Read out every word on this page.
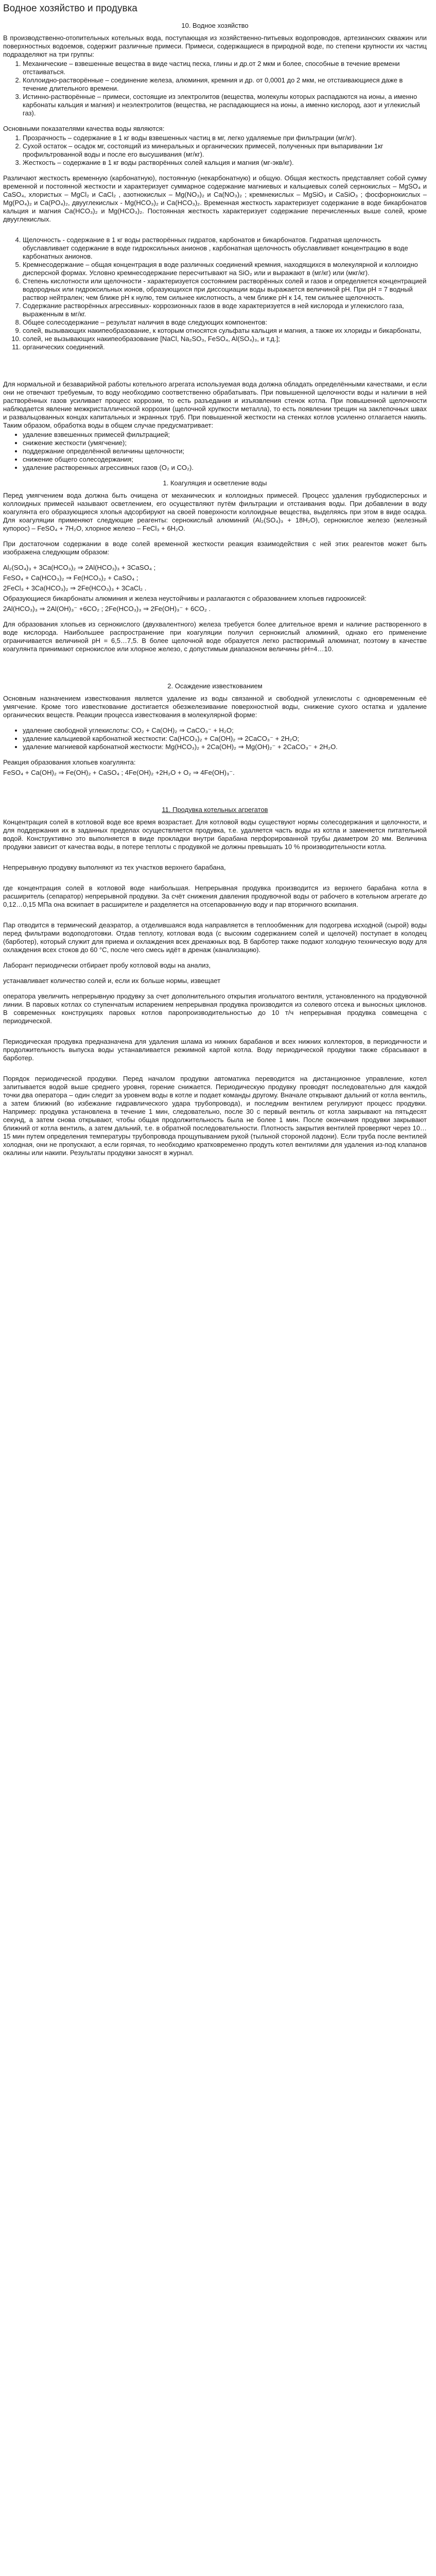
Водное хозяйство и продувка
10. Водное хозяйство

В производственно-отопительных котельных вода, поступающая из хозяйственно-питьевых водопроводов, артезианских скважин или поверхностных водоемов, содержит различные примеси. Примеси, содержащиеся в природной воде, по степени крупности их частиц подразделяют на три группы:

1. Механические – взвешенные вещества в виде частиц песка, глины и др.от 2 мкм и более, способные в течение времени отстаиваться.
2. Коллоидно-растворённые – соединение железа, алюминия, кремния и др. от 0,0001 до 2 мкм, не отстаивающиеся даже в течение длительного времени.
3. Истинно-растворённые – примеси, состоящие из электролитов (вещества, молекулы которых распадаются на ионы, а именно карбонаты кальция и магния) и неэлектролитов (вещества, не распадающиеся на ионы, а именно кислород, азот и углекислый газ).

Основными показателями качества воды являются:

1. Прозрачность – содержание в 1 кг воды взвешенных частиц в мг, легко удаляемые при фильтрации (мг/кг).
2. Сухой остаток – осадок мг, состоящий из минеральных и органических примесей, полученных при выпаривании 1кг профильтрованной воды и после его высушивания (мг/кг).
3. Жесткость – содержание в 1 кг воды растворённых солей кальция и магния (мг-экв/кг).

Различают жесткость временную (карбонатную), постоянную (некарбонатную) и общую. Общая жесткость представляет собой сумму временной и постоянной жесткости и характеризует суммарное содержание магниевых и кальциевых солей сернокислых – MgSO₄ и CaSO₄, хлористых – MgCl₂ и CaCl₂ , азотнокислых – Mg(NO₃)₂ и Ca(NO₃)₂ ; кремнекислых – MgSiO₃ и CaSiO₃ ; фосфорнокислых – Mg(PO₄)₂ и Ca(PO₄)₂, двууглекислых - Mg(HCO₃)₂ и Ca(HCO₃)₂. Временная жесткость характеризует содержание в воде бикарбонатов кальция и магния Ca(HCO₃)₂ и Mg(HCO₃)₂. Постоянная жесткость характеризует содержание перечисленных выше солей, кроме двууглекислых.

4. Щелочность - содержание в 1 кг воды растворённых гидратов, карбонатов и бикарбонатов. Гидратная щелочность обуславливает содержание в воде гидроксильных анионов , карбонатная щелочность обуславливает концентрацию в воде карбонатных анионов.
5. Кремнесодержание – общая концентрация в воде различных соединений кремния, находящихся в молекулярной и коллоидно дисперсной формах. Условно кремнесодержание пересчитывают на SiO₂ или и выражают в (мг/кг) или (мкг/кг).
6. Степень кислотности или щелочности - характеризуется состоянием растворённых солей и газов и определяется концентрацией водородных или гидроксильных ионов, образующихся при диссоциации воды выражается величиной pH. При pH = 7 водный раствор нейтрален; чем ближе pH к нулю, тем сильнее кислотность, а чем ближе pH к 14, тем сильнее щелочность.
7. Содержание растворённых агрессивных- коррозионных газов в воде характеризуется в ней кислорода и углекислого газа, выраженным в мг/кг.
8. Общее солесодержание – результат наличия в воде следующих компонентов:
9. солей, вызывающих накипеобразование, к которым относятся сульфаты кальция и магния, а также их хлориды и бикарбонаты,
10. солей, не вызывающих накипеобразование [NaCl, Na₂SO₃, FeSO₄, Al(SO₄)₃, и т.д.];
11. органических соединений.

Для нормальной и безаварийной работы котельного агрегата используемая вода должна обладать определёнными качествами, и если они не отвечают требуемым, то воду необходимо соответственно обрабатывать. При повышенной щелочности воды и наличии в ней растворённых газов усиливает процесс коррозии, то есть разъедания и изъязвления стенок котла. При повышенной щелочности наблюдается явление межкристаллической коррозии (щелочной хрупкости металла), то есть появлении трещин на заклепочных швах и развальцованных концах капитальных и экранных труб. При повышенной жесткости на стенках котлов усиленно отлагается накипь. Таким образом, обработка воды в общем случае предусматривает:

• удаление взвешенных примесей фильтрацией;
• снижение жесткости (умягчение);
• поддержание определённой величины щелочности;
• снижение общего солесодержания;
• удаление растворенных агрессивных газов (O₂ и CO₂).
1. Коагуляция и осветление воды

Перед умягчением вода должна быть очищена от механических и коллоидных примесей. Процесс удаления грубодисперсных и коллоидных примесей называют осветлением, его осуществляют путём фильтрации и отстаивания воды. При добавлении в воду коагулянта его образующиеся хлопья адсорбируют на своей поверхности коллоидные вещества, выделяясь при этом в виде осадка. Для коагуляции применяют следующие реагенты: сернокислый алюминий (Al₂(SO₄)₃ + 18H₂O), сернокислое железо (железный купорос) – FeSO₄ + 7H₂O, хлорное железо – FeCl₃ + 6H₂O.

При достаточном содержании в воде солей временной жесткости реакция взаимодействия с ней этих реагентов может быть изображена следующим образом:

Al₂(SO₄)₃ + 3Ca(HCO₃)₂ ⇒ 2Al(HCO₃)₃ + 3CaSO₄ ;

FeSO₄ + Ca(HCO₃)₂ ⇒ Fe(HCO₃)₂ + CaSO₄ ;

2FeCl₃ + 3Ca(HCO₃)₂ ⇒ 2Fe(HCO₃)₃ + 3CaCl₂ .

Образующиеся бикарбонаты алюминия и железа неустойчивы и разлагаются с образованием хлопьев гидроокисей:

2Al(HCO₃)₃ ⇒ 2Al(OH)₃⁻ +6CO₂ ; 2Fe(HCO₃)₃ ⇒ 2Fe(OH)₃⁻ + 6CO₂ .

Для образования хлопьев из сернокислого (двухвалентного) железа требуется более длительное время и наличие растворенного в воде кислорода. Наибольшее распространение при коагуляции получил сернокислый алюминий, однако его применение ограничивается величиной pH = 6,5…7,5. В более щелочной воде образуется легко растворимый алюминат, поэтому в качестве коагулянта принимают сернокислое или хлорное железо, с допустимым диапазоном величины pH=4…10.

2. Осаждение известкованием

Основным назначением известкования является удаление из воды связанной и свободной углекислоты с одновременным её умягчение. Кроме того известкование достигается обезжелезивание поверхностной воды, снижение сухого остатка и удаление органических веществ. Реакции процесса известкования в молекулярной форме:

• удаление свободной углекислоты: CO₂ + Ca(OH)₂ ⇒ CaCO₃⁻ + H₂O;
• удаление кальциевой карбонатной жесткости: Ca(HCO₃)₂ + Ca(OH)₂ ⇒ 2CaCO₃⁻ + 2H₂O;
• удаление магниевой карбонатной жесткости: Mg(HCO₃)₂ + 2Ca(OH)₂ ⇒ Mg(OH)₂⁻ + 2CaCO₃⁻ + 2H₂O.

Реакция образования хлопьев коагулянта:

FeSO₄ + Ca(OH)₂ ⇒ Fe(OH)₂ + CaSO₄ ; 4Fe(OH)₂ +2H₂O + O₂ ⇒ 4Fe(OH)₃⁻.

11. Продувка котельных агрегатов

Концентрация солей в котловой воде все время возрастает. Для котловой воды существуют нормы солесодержания и щелочности, и для поддержания их в заданных пределах осуществляется продувка, т.е. удаляется часть воды из котла и заменяется питательной водой. Конструктивно это выполняется в виде прокладки внутри барабана перфорированной трубы диаметром 20 мм. Величина продувки зависит от качества воды, в потере теплоты с продувкой не должны превышать 10 % производительности котла.

Непрерывную продувку выполняют из тех участков верхнего барабана,

где концентрация солей в котловой воде наибольшая. Непрерывная продувка производится из верхнего барабана котла в расширитель (сепаратор) непрерывной продувки. За счёт снижения давления продувочной воды от рабочего в котельном агрегате до 0,12…0,15 МПа она вскипает в расширителе и разделяется на отсепарованную воду и пар вторичного вскипания.

Пар отводится в термический деаэратор, а отделившаяся вода направляется в теплообменник для подогрева исходной (сырой) воды перед фильтрами водоподготовки. Отдав теплоту, котловая вода (с высоким содержанием солей и щелочей) поступает в колодец (барботер), который служит для приема и охлаждения всех дренажных вод. В барботер также подают холодную техническую воду для охлаждения всех стоков до 60 °C, после чего смесь идёт в дренаж (канализацию).

Лаборант периодически отбирает пробу котловой воды на анализ,

устанавливает количество солей и, если их больше нормы, извещает

оператора увеличить непрерывную продувку за счет дополнительного открытия игольчатого вентиля, установленного на продувочной линии. В паровых котлах со ступенчатым испарением непрерывная продувка производится из солевого отсека и выносных циклонов. В современных конструкциях паровых котлов паропроизводительностью до 10 т/ч непрерывная продувка совмещена с периодической.

Периодическая продувка предназначена для удаления шлама из нижних барабанов и всех нижних коллекторов, в периодичности и продолжительность выпуска воды устанавливается режимной картой котла. Воду периодической продувки также сбрасывают в барботер.

Порядок периодической продувки. Перед началом продувки автоматика переводится на дистанционное управление, котел запитывается водой выше среднего уровня, горение снижается. Периодическую продувку проводят последовательно для каждой точки два оператора – один следит за уровнем воды в котле и подает команды другому. Вначале открывают дальний от котла вентиль, а затем ближний (во избежание гидравлического удара трубопровода), и последним вентилем регулируют процесс продувки. Например: продувка установлена в течение 1 мин, следовательно, после 30 с первый вентиль от котла закрывают на пятьдесят секунд, а затем снова открывают, чтобы общая продолжительность была не более 1 мин. После окончания продувки закрывают ближний от котла вентиль, а затем дальний, т.е. в обратной последовательности. Плотность закрытия вентилей проверяют через 10…15 мин путем определения температуры трубопровода прощупыванием рукой (тыльной стороной ладони). Если труба после вентилей холодная, они не пропускают, а если горячая, то необходимо кратковременно продуть котел вентилями для удаления из-под клапанов окалины или накипи. Результаты продувки заносят в журнал.
